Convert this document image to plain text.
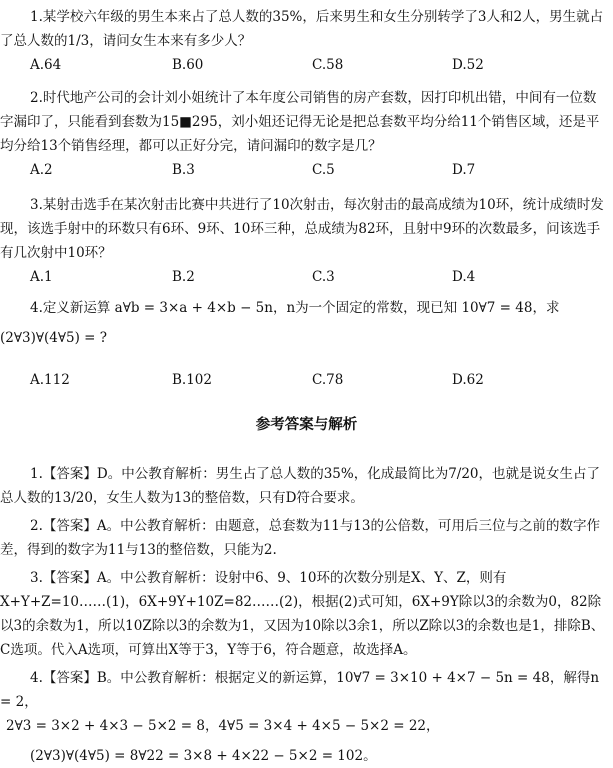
1.某学校六年级的男生本来占了总人数的35%，后来男生和女生分别转学了3人和2人，男生就占了总人数的1/3，请问女生本来有多少人？

A.64	B.60	C.58	D.52

2.时代地产公司的会计刘小姐统计了本年度公司销售的房产套数，因打印机出错，中间有一位数字漏印了，只能看到套数为15■295，刘小姐还记得无论是把总套数平均分给11个销售区域，还是平均分给13个销售经理，都可以正好分完，请问漏印的数字是几？

A.2	B.3	C.5	D.7

3.某射击选手在某次射击比赛中共进行了10次射击，每次射击的最高成绩为10环，统计成绩时发现，该选手射中的环数只有6环、9环、10环三种，总成绩为82环，且射中9环的次数最多，问该选手有几次射中10环？

A.1	B.2	C.3	D.4

4.定义新运算 a∀b = 3×a + 4×b − 5n，n为一个固定的常数，现已知 10∀7 = 48，求

(2∀3)∀(4∀5) = ?

A.112	B.102	C.78	D.62
参考答案与解析

1.【答案】D。中公教育解析：男生占了总人数的35%，化成最简比为7/20，也就是说女生占了总人数的13/20，女生人数为13的整倍数，只有D符合要求。

2.【答案】A。中公教育解析：由题意，总套数为11与13的公倍数，可用后三位与之前的数字作差，得到的数字为11与13的整倍数，只能为2.

3.【答案】A。中公教育解析：设射中6、9、10环的次数分别是X、Y、Z，则有X+Y+Z=10……(1)，6X+9Y+10Z=82……(2)，根据(2)式可知，6X+9Y除以3的余数为0，82除以3的余数为1，所以10Z除以3的余数为1，又因为10除以3余1，所以Z除以3的余数也是1，排除B、C选项。代入A选项，可算出X等于3，Y等于6，符合题意，故选择A。

4.【答案】B。中公教育解析：根据定义的新运算，10∀7 = 3×10 + 4×7 − 5n = 48，解得n = 2，

2∀3 = 3×2 + 4×3 − 5×2 = 8，4∀5 = 3×4 + 4×5 − 5×2 = 22，

(2∀3)∀(4∀5) = 8∀22 = 3×8 + 4×22 − 5×2 = 102。
